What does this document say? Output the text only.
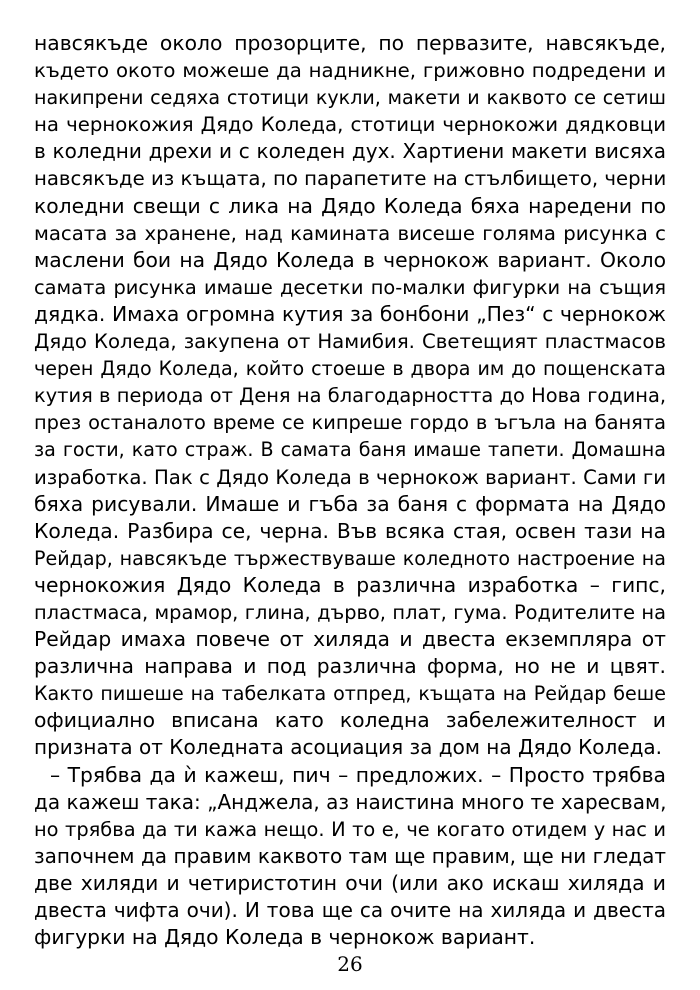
навсякъде около прозорците, по первазите, навсякъде,
където окото можеше да надникне, грижовно подредени и
накипрени седяха стотици кукли, макети и каквото се сетиш
на чернокожия Дядо Коледа, стотици чернокожи дядковци
в коледни дрехи и с коледен дух. Хартиени макети висяха
навсякъде из къщата, по парапетите на стълбището, черни
коледни свещи с лика на Дядо Коледа бяха наредени по
масата за хранене, над камината висеше голяма рисунка с
маслени бои на Дядо Коледа в чернокож вариант. Около
самата рисунка имаше десетки по-малки фигурки на същия
дядка. Имаха огромна кутия за бонбони „Пез“ с чернокож
Дядо Коледа, закупена от Намибия. Светещият пластмасов
черен Дядо Коледа, който стоеше в двора им до пощенската
кутия в периода от Деня на благодарността до Нова година,
през останалото време се кипреше гордо в ъгъла на банята
за гости, като страж. В самата баня имаше тапети. Домашна
изработка. Пак с Дядо Коледа в чернокож вариант. Сами ги
бяха рисували. Имаше и гъба за баня с формата на Дядо
Коледа. Разбира се, черна. Във всяка стая, освен тази на
Рейдар, навсякъде тържествуваше коледното настроение на
чернокожия Дядо Коледа в различна изработка – гипс,
пластмаса, мрамор, глина, дърво, плат, гума. Родителите на
Рейдар имаха повече от хиляда и двеста екземпляра от
различна направа и под различна форма, но не и цвят.
Както пишеше на табелката отпред, къщата на Рейдар беше
официално вписана като коледна забележителност и
призната от Коледната асоциация за дом на Дядо Коледа.
– Трябва да ѝ кажеш, пич – предложих. – Просто трябва
да кажеш така: „Анджела, аз наистина много те харесвам,
но трябва да ти кажа нещо. И то е, че когато отидем у нас и
започнем да правим каквото там ще правим, ще ни гледат
две хиляди и четиристотин очи (или ако искаш хиляда и
двеста чифта очи). И това ще са очите на хиляда и двеста
фигурки на Дядо Коледа в чернокож вариант.
26
